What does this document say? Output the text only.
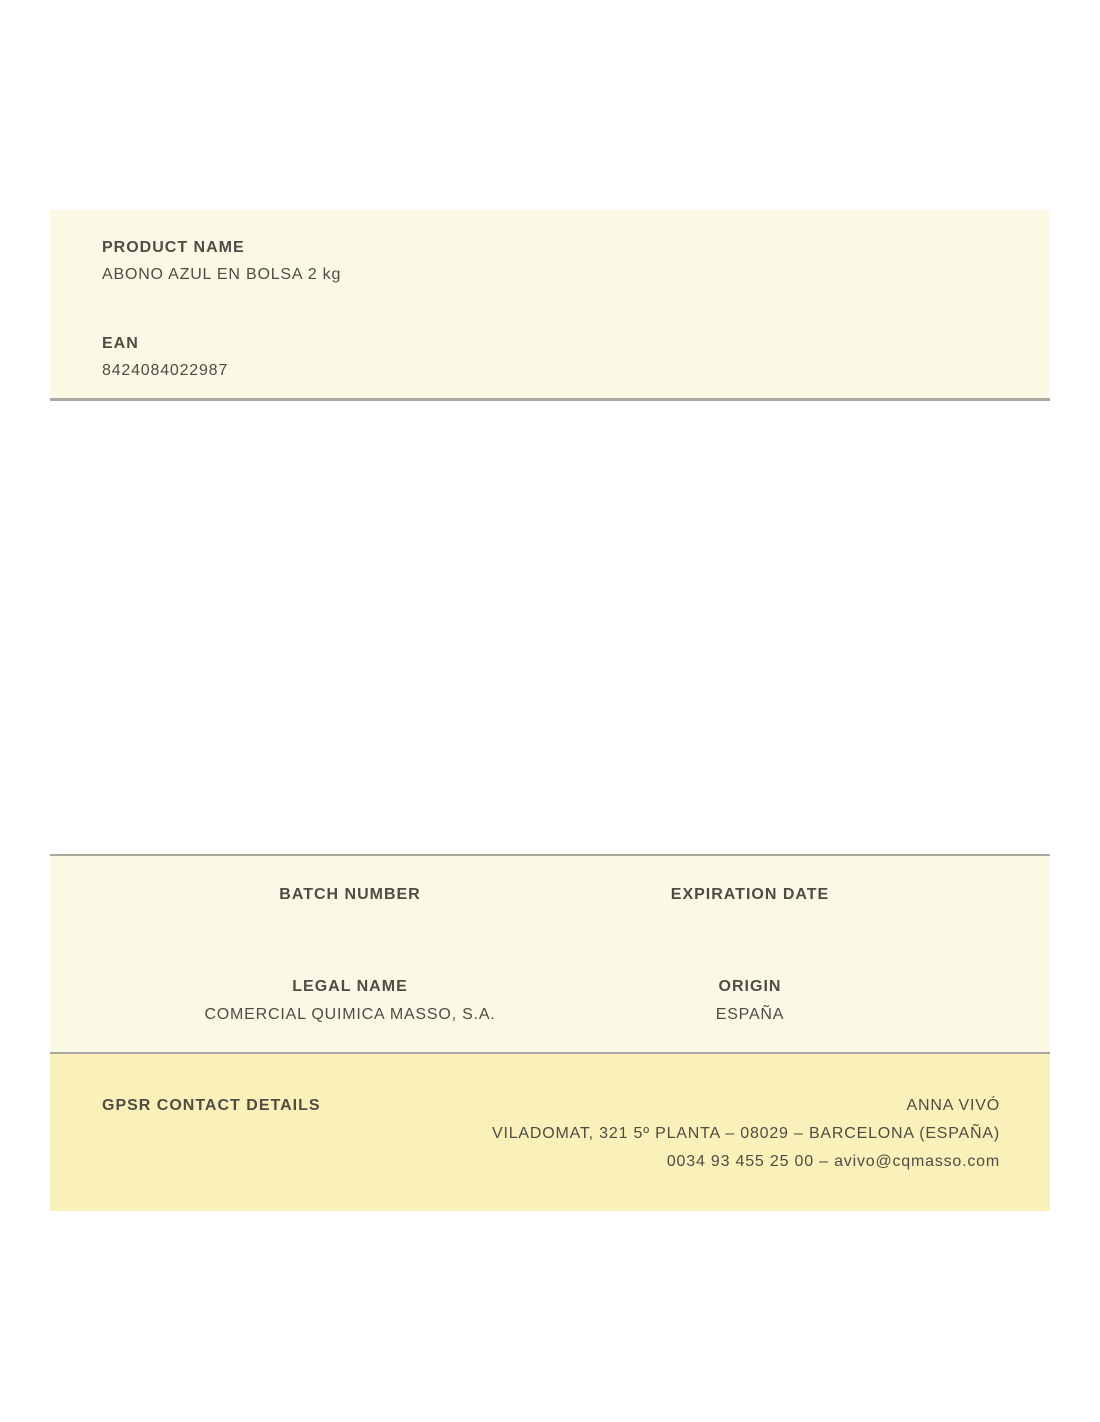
PRODUCT NAME
ABONO AZUL EN BOLSA 2 kg
EAN
8424084022987
BATCH NUMBER	EXPIRATION DATE
LEGAL NAME
COMERCIAL QUIMICA MASSO, S.A.
ORIGIN
ESPAÑA
GPSR CONTACT DETAILS	ANNA VIVÓ
VILADOMAT, 321 5º PLANTA – 08029 – BARCELONA (ESPAÑA)
0034 93 455 25 00 – avivo@cqmasso.com
